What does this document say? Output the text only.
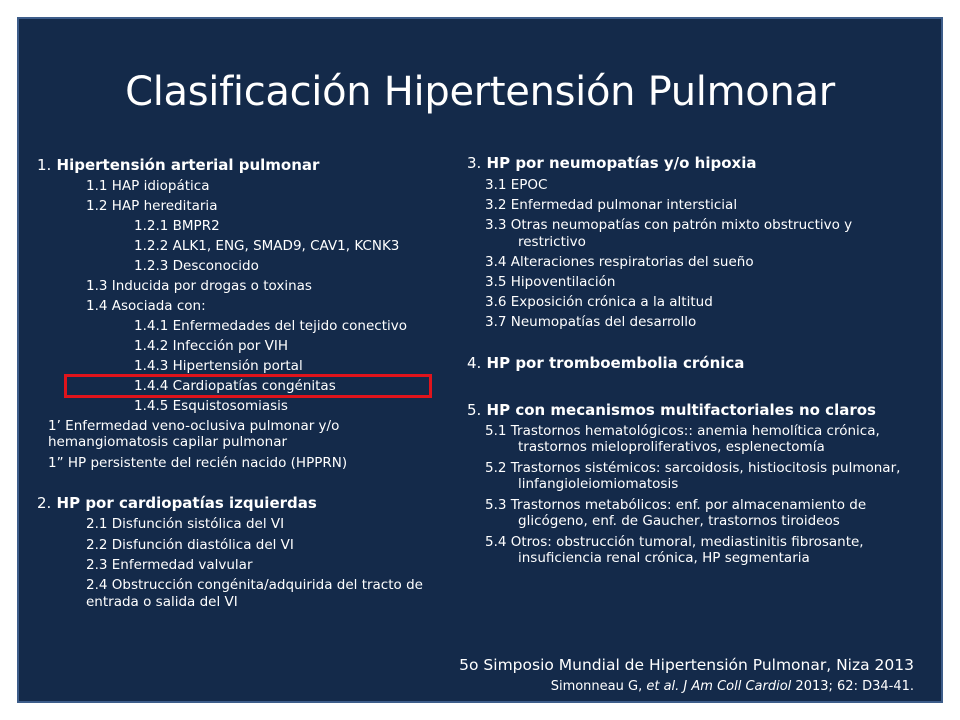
Clasificación Hipertensión Pulmonar
1. Hipertensión arterial pulmonar
1.1 HAP idiopática
1.2 HAP hereditaria
1.2.1 BMPR2
1.2.2 ALK1, ENG, SMAD9, CAV1, KCNK3
1.2.3 Desconocido
1.3 Inducida por drogas o toxinas
1.4 Asociada con:
1.4.1 Enfermedades del tejido conectivo
1.4.2 Infección por VIH
1.4.3 Hipertensión portal
1.4.4 Cardiopatías congénitas
1.4.5 Esquistosomiasis
1’ Enfermedad veno-oclusiva pulmonar y/o
hemangiomatosis capilar pulmonar
1” HP persistente del recién nacido (HPPRN)
2. HP por cardiopatías izquierdas
2.1 Disfunción sistólica del VI
2.2 Disfunción diastólica del VI
2.3 Enfermedad valvular
2.4 Obstrucción congénita/adquirida del tracto de
entrada o salida del VI
3. HP por neumopatías y/o hipoxia
3.1 EPOC
3.2 Enfermedad pulmonar intersticial
3.3 Otras neumopatías con patrón mixto obstructivo y
restrictivo
3.4 Alteraciones respiratorias del sueño
3.5 Hipoventilación
3.6 Exposición crónica a la altitud
3.7 Neumopatías del desarrollo
4. HP por tromboembolia crónica
5. HP con mecanismos multifactoriales no claros
5.1 Trastornos hematológicos:: anemia hemolítica crónica,
trastornos mieloproliferativos, esplenectomía
5.2 Trastornos sistémicos: sarcoidosis, histiocitosis pulmonar,
linfangioleiomiomatosis
5.3 Trastornos metabólicos: enf. por almacenamiento de
glicógeno, enf. de Gaucher, trastornos tiroideos
5.4 Otros: obstrucción tumoral, mediastinitis fibrosante,
insuficiencia renal crónica, HP segmentaria
5o Simposio Mundial de Hipertensión Pulmonar, Niza 2013
Simonneau G, et al. J Am Coll Cardiol 2013; 62: D34-41.
